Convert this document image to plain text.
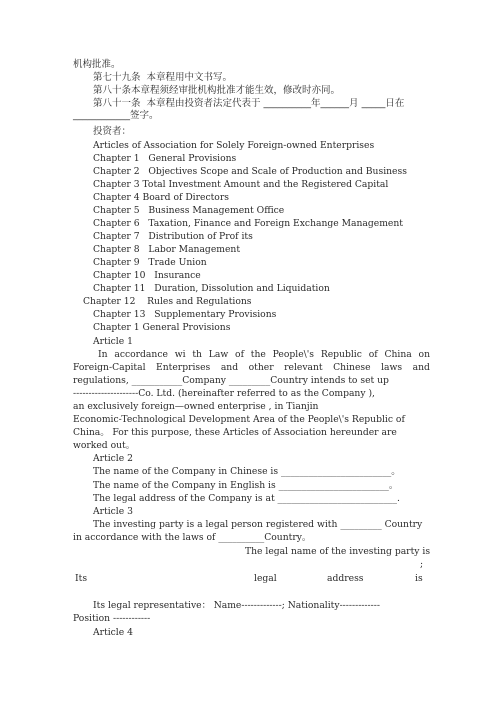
机构批准。
第七十九条  本章程用中文书写。
第八十条本章程须经审批机构批准才能生效，修改时亦同。
第八十一条  本章程由投资者法定代表于 __________年______月 _____日在
____________签字。
投资者：
Articles of Association for Solely Foreign-owned Enterprises
Chapter 1   General Provisions
Chapter 2   Objectives Scope and Scale of Production and Business
Chapter 3 Total Investment Amount and the Registered Capital
Chapter 4 Board of Directors
Chapter 5   Business Management Office
Chapter 6   Taxation, Finance and Foreign Exchange Management
Chapter 7   Distribution of Prof its
Chapter 8   Labor Management
Chapter 9   Trade Union
Chapter 10   Insurance
Chapter 11   Duration, Dissolution and Liquidation
Chapter 12    Rules and Regulations
Chapter 13   Supplementary Provisions
Chapter 1 General Provisions
Article 1
In accordance wi th Law of the People\'s Republic of China on
Foreign-Capital Enterprises and other relevant Chinese laws and
regulations, ___________Company _________Country intends to set up
---------------------Co. Ltd. (hereinafter referred to as the Company ),
an exclusively foreign—owned enterprise , in Tianjin
Economic-Technological Development Area of the People\'s Republic of
China。 For this purpose, these Articles of Association hereunder are
worked out。
Article 2
The name of the Company in Chinese is ________________________。
The name of the Company in English is ________________________。
The legal address of the Company is at __________________________.
Article 3
The investing party is a legal person registered with _________ Country
in accordance with the laws of __________Country。
The legal name of the investing party is
;
Its	legal	address	is
Its legal representative： Name-------------; Nationality-------------
Position ------------
Article 4
